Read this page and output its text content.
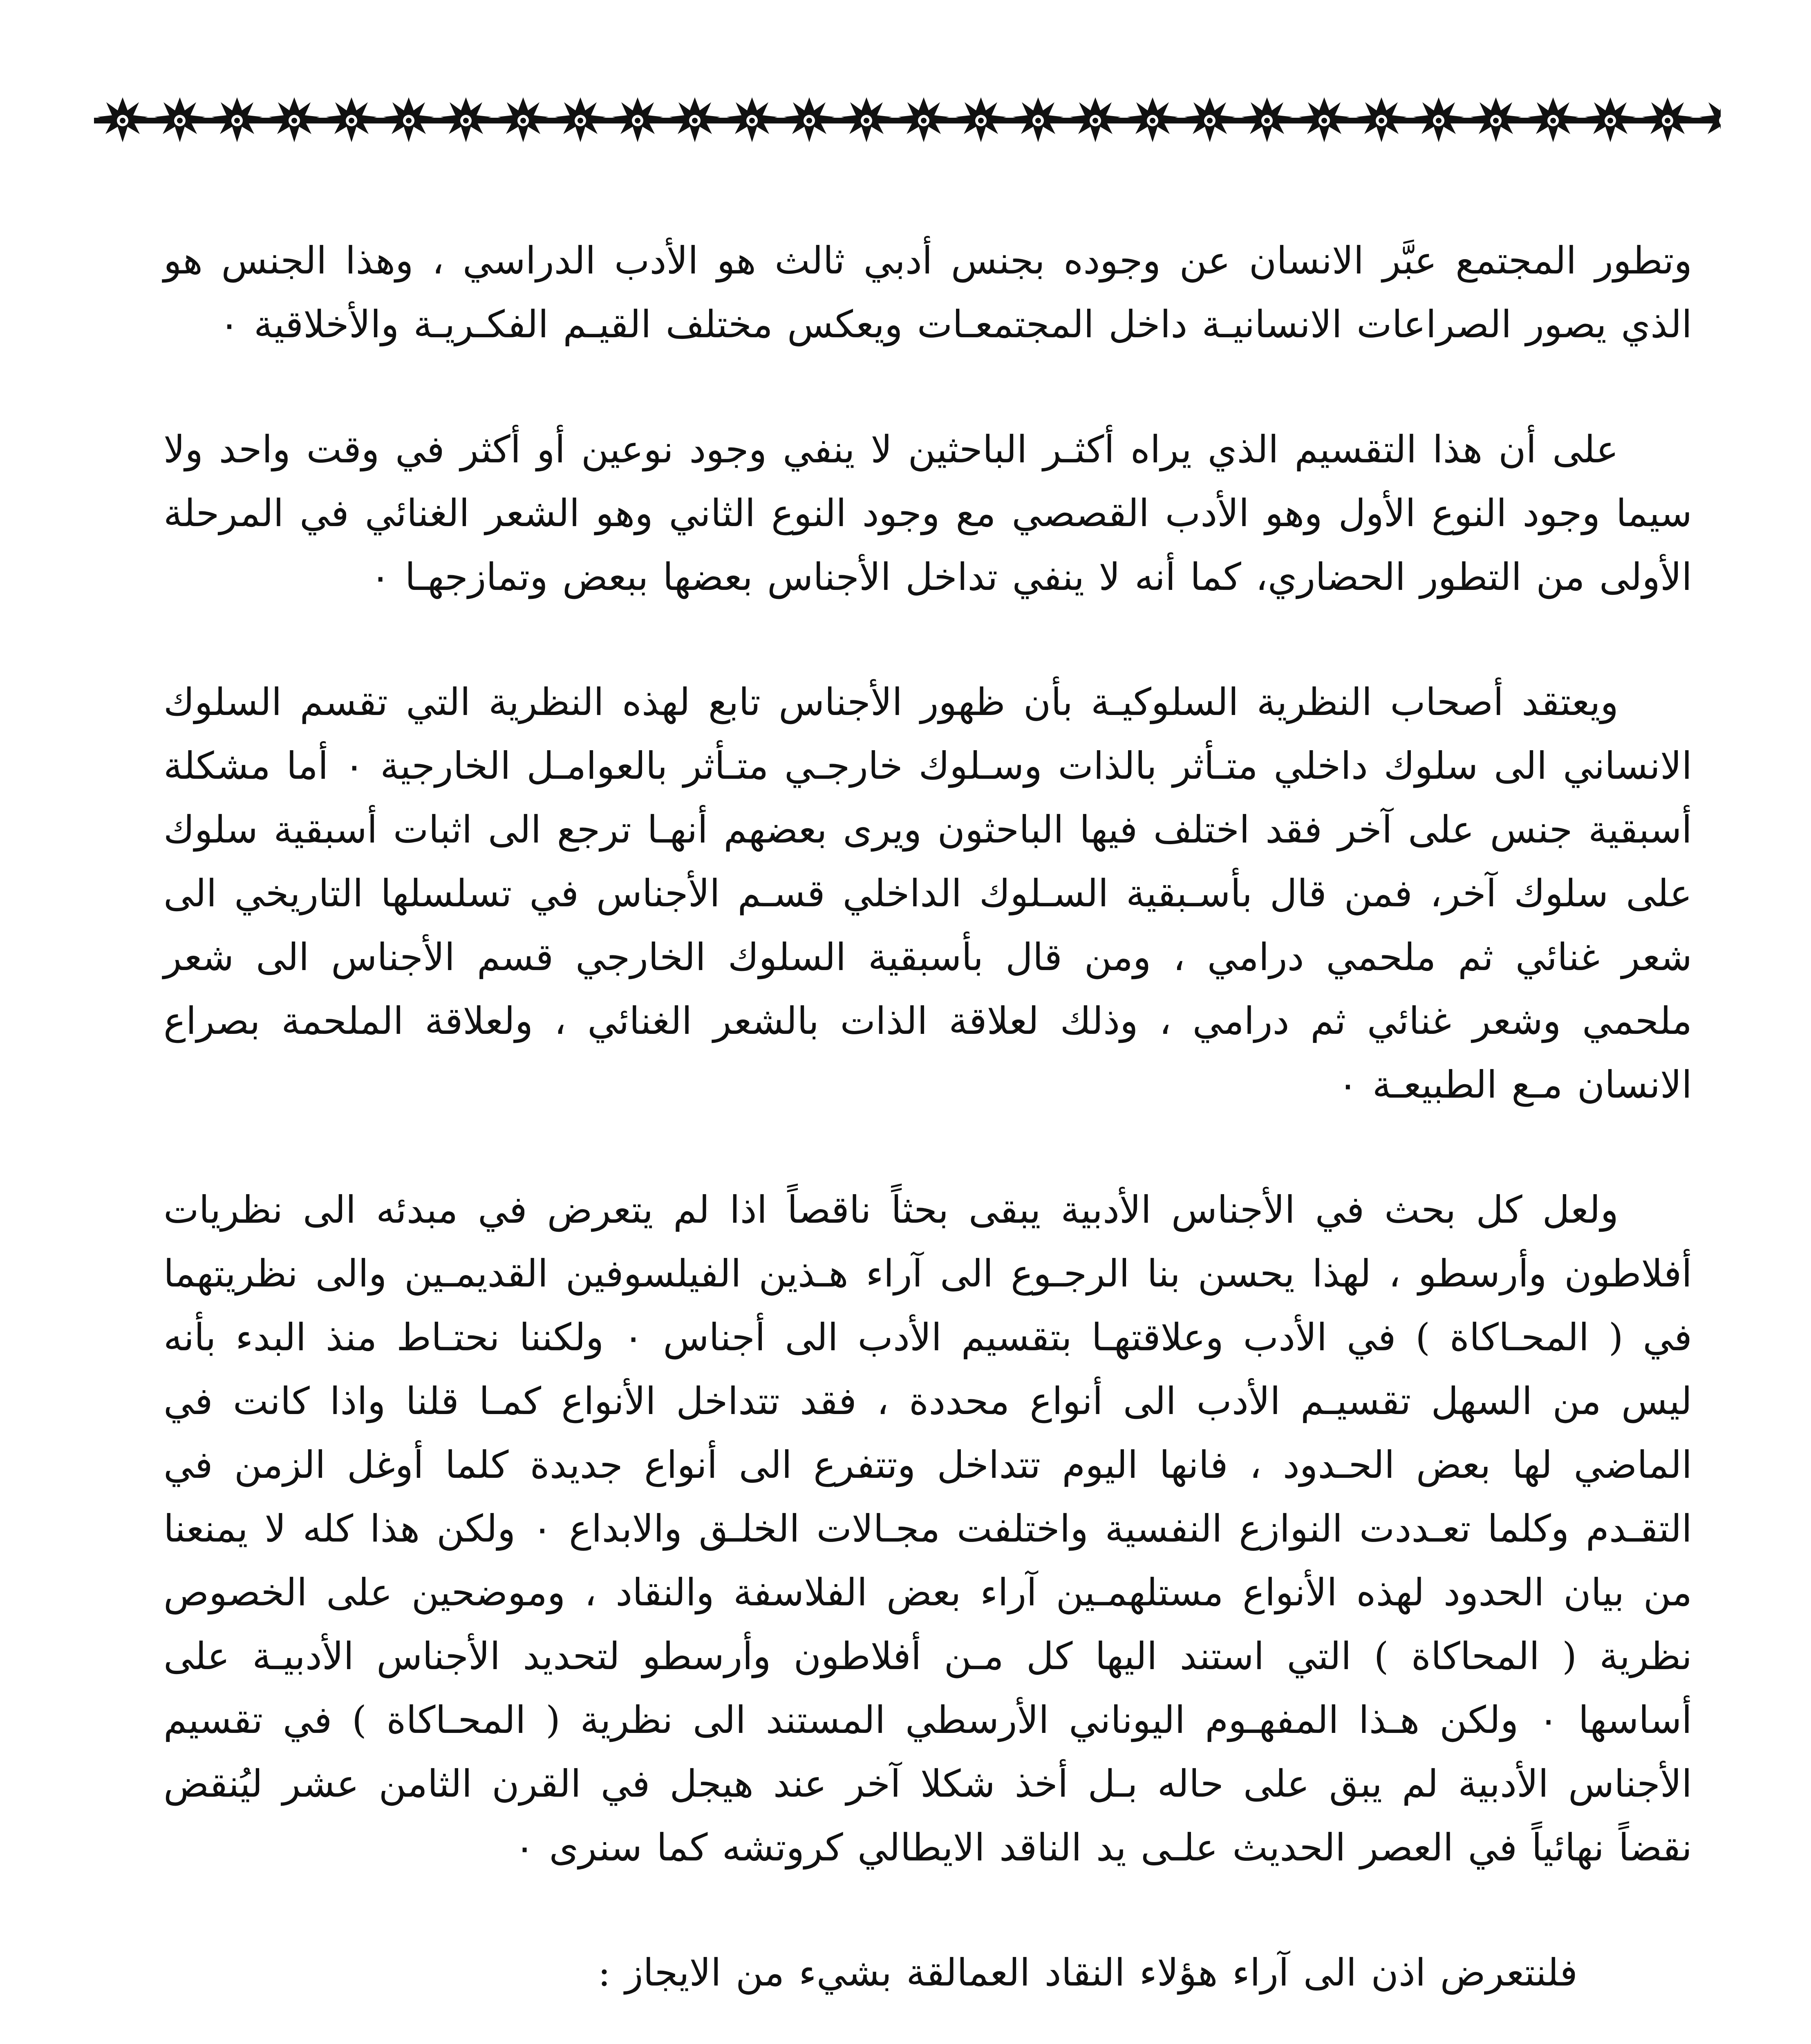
وتطور المجتمع عبَّر الانسان عن وجوده بجنس أدبي ثالث هو الأدب الدراسي ، وهذا الجنس هو الذي يصور الصراعات الانسانيـة داخل المجتمعـات ويعكس مختلف القيـم الفكـريـة والأخلاقية ٠

على أن هذا التقسيم الذي يراه أكثـر الباحثين لا ينفي وجود نوعين أو أكثر في وقت واحد ولا سيما وجود النوع الأول وهو الأدب القصصي مع وجود النوع الثاني وهو الشعر الغنائي في المرحلة الأولى من التطور الحضاري، كما أنه لا ينفي تداخل الأجناس بعضها ببعض وتمازجهـا ٠

ويعتقد أصحاب النظرية السلوكيـة بأن ظهور الأجناس تابع لهذه النظرية التي تقسم السلوك الانساني الى سلوك داخلي متـأثر بالذات وسـلوك خارجـي متـأثر بالعوامـل الخارجية ٠ أما مشكلة أسبقية جنس على آخر فقد اختلف فيها الباحثون ويرى بعضهم أنهـا ترجع الى اثبات أسبقية سلوك على سلوك آخر، فمن قال بأسـبقية السـلوك الداخلي قسـم الأجناس في تسلسلها التاريخي الى شعر غنائي ثم ملحمي درامي ، ومن قال بأسبقية السلوك الخارجي قسم الأجناس الى شعر ملحمي وشعر غنائي ثم درامي ، وذلك لعلاقة الذات بالشعر الغنائي ، ولعلاقة الملحمة بصراع الانسان مـع الطبيعـة ٠

ولعل كل بحث في الأجناس الأدبية يبقى بحثاً ناقصاً اذا لم يتعرض في مبدئه الى نظريات أفلاطون وأرسطو ، لهذا يحسن بنا الرجـوع الى آراء هـذين الفيلسوفين القديمـين والى نظريتهما في ( المحـاكاة ) في الأدب وعلاقتهـا بتقسيم الأدب الى أجناس ٠ ولكننا نحتـاط منذ البدء بأنه ليس من السهل تقسيـم الأدب الى أنواع محددة ، فقد تتداخل الأنواع كمـا قلنا واذا كانت في الماضي لها بعض الحـدود ، فانها اليوم تتداخل وتتفرع الى أنواع جديدة كلما أوغل الزمن في التقـدم وكلما تعـددت النوازع النفسية واختلفت مجـالات الخلـق والابداع ٠ ولكن هذا كله لا يمنعنا من بيان الحدود لهذه الأنواع مستلهمـين آراء بعض الفلاسفة والنقاد ، وموضحين على الخصوص نظرية ( المحاكاة ) التي استند اليها كل مـن أفلاطون وأرسطو لتحديد الأجناس الأدبيـة على أساسها ٠ ولكن هـذا المفهـوم اليوناني الأرسطي المستند الى نظرية ( المحـاكاة ) في تقسيم الأجناس الأدبية لم يبق على حاله بـل أخذ شكلا آخر عند هيجل في القرن الثامن عشر ليُنقض نقضاً نهائياً في العصر الحديث علـى يد الناقد الايطالي كروتشه كما سنرى ٠

فلنتعرض اذن الى آراء هؤلاء النقاد العمالقة بشيء من الايجاز :
